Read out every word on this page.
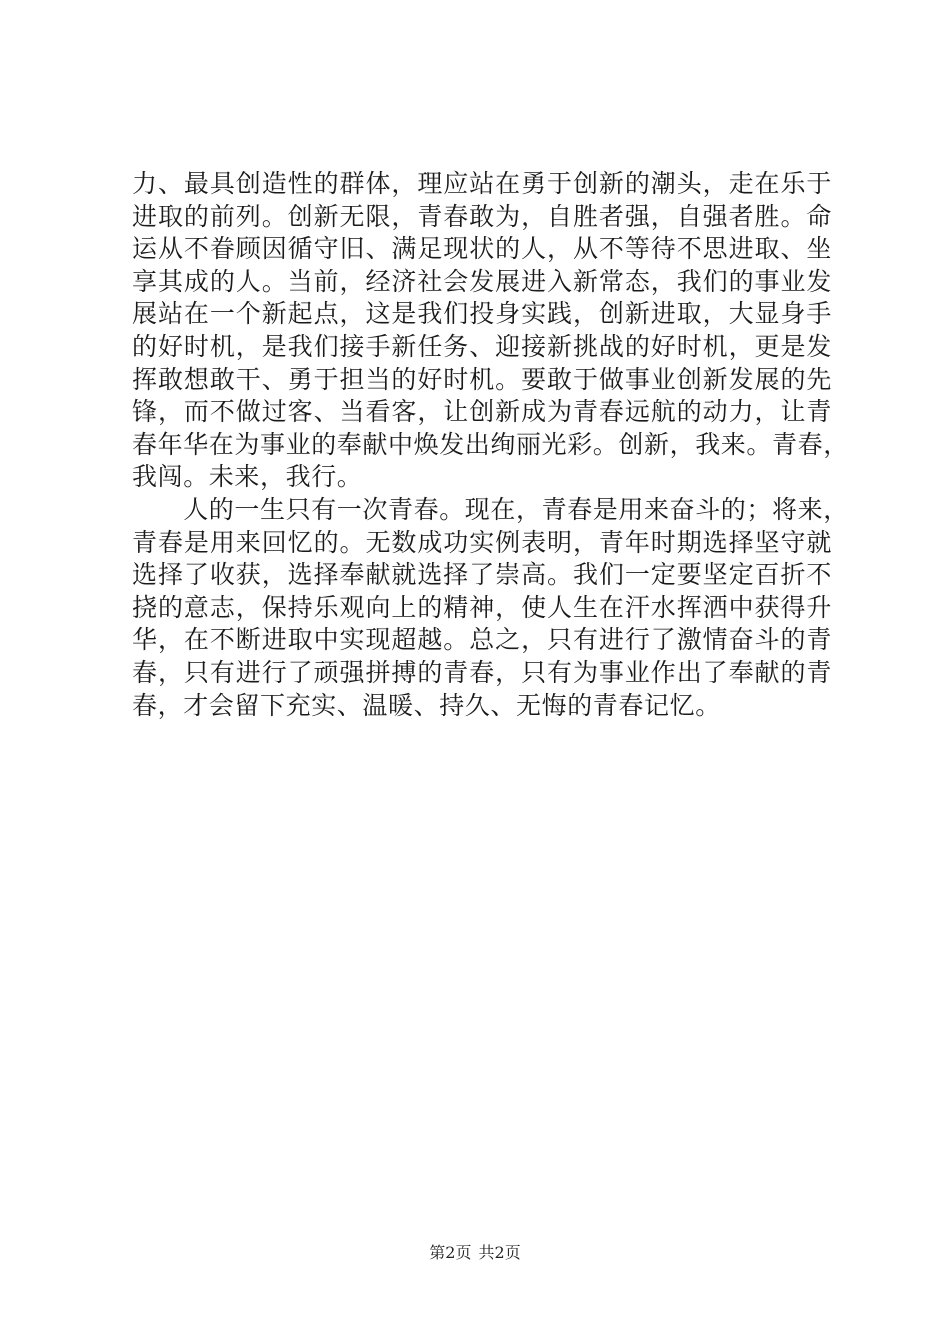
力、最具创造性的群体，理应站在勇于创新的潮头，走在乐于
进取的前列。创新无限，青春敢为，自胜者强，自强者胜。命
运从不眷顾因循守旧、满足现状的人，从不等待不思进取、坐
享其成的人。当前，经济社会发展进入新常态，我们的事业发
展站在一个新起点，这是我们投身实践，创新进取，大显身手
的好时机，是我们接手新任务、迎接新挑战的好时机，更是发
挥敢想敢干、勇于担当的好时机。要敢于做事业创新发展的先
锋，而不做过客、当看客，让创新成为青春远航的动力，让青
春年华在为事业的奉献中焕发出绚丽光彩。创新，我来。青春，
我闯。未来，我行。
　　人的一生只有一次青春。现在，青春是用来奋斗的；将来，
青春是用来回忆的。无数成功实例表明，青年时期选择坚守就
选择了收获，选择奉献就选择了崇高。我们一定要坚定百折不
挠的意志，保持乐观向上的精神，使人生在汗水挥洒中获得升
华，在不断进取中实现超越。总之，只有进行了激情奋斗的青
春，只有进行了顽强拼搏的青春，只有为事业作出了奉献的青
春，才会留下充实、温暖、持久、无悔的青春记忆。
第2页 共2页
